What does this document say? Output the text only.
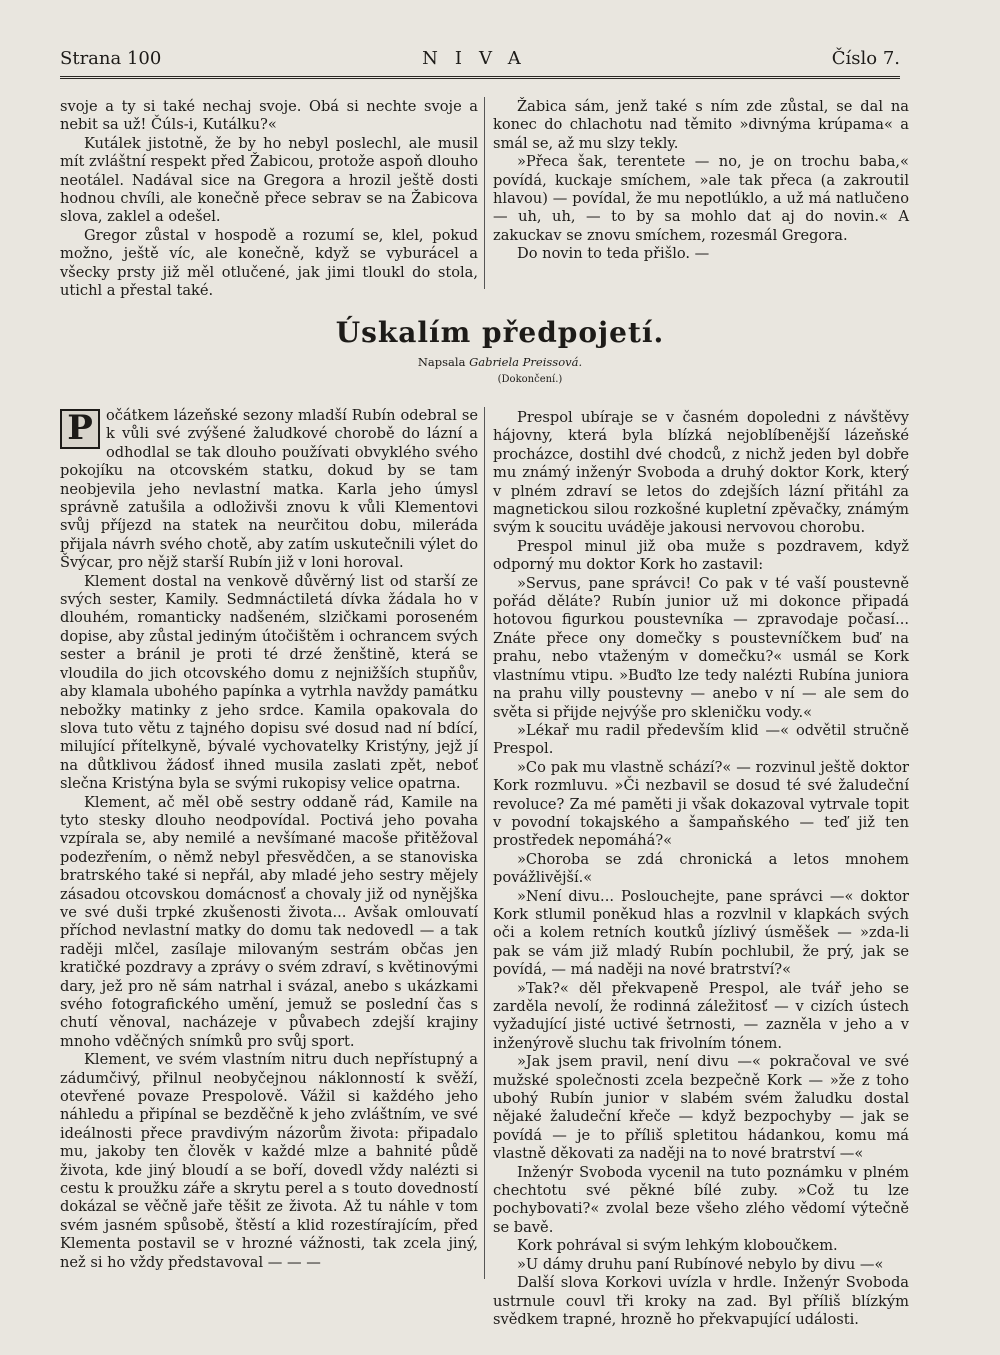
Strana 100	NIVA	Číslo 7.

svoje a ty si také nechaj svoje. Obá si nechte svoje a nebit sa už! Čúls-i, Kutálku?«

Kutálek jistotně, že by ho nebyl poslechl, ale musil mít zvláštní respekt před Žabicou, protože aspoň dlouho neotálel. Nadával sice na Gregora a hrozil ještě dosti hodnou chvíli, ale konečně přece sebrav se na Žabicova slova, zaklel a odešel.

Gregor zůstal v hospodě a rozumí se, klel, pokud možno, ještě víc, ale konečně, když se vyburácel a všecky prsty již měl otlučené, jak jimi tloukl do stola, utichl a přestal také.

Žabica sám, jenž také s ním zde zůstal, se dal na konec do chlachotu nad těmito »divnýma krúpama« a smál se, až mu slzy tekly.

»Přeca šak, terentete — no, je on trochu baba,« povídá, kuckaje smíchem, »ale tak přeca (a zakroutil hlavou) — povídal, že mu nepotlúklo, a už má natlučeno — uh, uh, — to by sa mohlo dat aj do novin.« A zakuckav se znovu smíchem, rozesmál Gregora.

Do novin to teda přišlo. —

Úskalím předpojetí.
Napsala Gabriela Preissová.
(Dokončení.)

P očátkem lázeňské sezony mladší Rubín odebral se k vůli své zvýšené žaludkové chorobě do lázní a odhodlal se tak dlouho používati obvyklého svého pokojíku na otcovském statku, dokud by se tam neobjevila jeho nevlastní matka. Karla jeho úmysl správně zatušila a odloživši znovu k vůli Klementovi svůj příjezd na statek na neurčitou dobu, mileráda přijala návrh svého chotě, aby zatím uskutečnili výlet do Švýcar, pro nějž starší Rubín již v loni horoval.

Klement dostal na venkově důvěrný list od starší ze svých sester, Kamily. Sedmnáctiletá dívka žádala ho v dlouhém, romanticky nadšeném, slzičkami poroseném dopise, aby zůstal jediným útočištěm i ochrancem svých sester a bránil je proti té drzé ženštině, která se vloudila do jich otcovského domu z nejnižších stupňův, aby klamala ubohého papínka a vytrhla navždy památku nebožky matinky z jeho srdce. Kamila opakovala do slova tuto větu z tajného dopisu své dosud nad ní bdící, milující přítelkyně, bývalé vychovatelky Kristýny, jejž jí na důtklivou žádosť ihned musila zaslati zpět, neboť slečna Kristýna byla se svými rukopisy velice opatrna.

Klement, ač měl obě sestry oddaně rád, Kamile na tyto stesky dlouho neodpovídal. Poctivá jeho povaha vzpírala se, aby nemilé a nevšímané macoše přitěžoval podezřením, o němž nebyl přesvědčen, a se stanoviska bratrského také si nepřál, aby mladé jeho sestry mějely zásadou otcovskou domácnosť a chovaly již od nynějška ve své duši trpké zkušenosti života... Avšak omlouvatí příchod nevlastní matky do domu tak nedovedl — a tak raději mlčel, zasílaje milovaným sestrám občas jen kratičké pozdravy a zprávy o svém zdraví, s květinovými dary, jež pro ně sám natrhal i svázal, anebo s ukázkami svého fotografického umění, jemuž se poslední čas s chutí věnoval, nacházeje v půvabech zdejší krajiny mnoho vděčných snímků pro svůj sport.

Klement, ve svém vlastním nitru duch nepřístupný a zádumčivý, přilnul neobyčejnou náklonností k svěží, otevřené povaze Prespolově. Vážil si každého jeho náhledu a připínal se bezděčně k jeho zvláštním, ve své ideálnosti přece pravdivým názorům života: připadalo mu, jakoby ten člověk v každé mlze a bahnité půdě života, kde jiný bloudí a se boří, dovedl vždy nalézti si cestu k proužku záře a skrytu perel a s touto dovedností dokázal se věčně jaře těšit ze života. Až tu náhle v tom svém jasném spůsobě, štěstí a klid rozestírajícím, před Klementa postavil se v hrozné vážnosti, tak zcela jiný, než si ho vždy představoval — — —

Prespol ubíraje se v časném dopoledni z návštěvy hájovny, která byla blízká nejoblíbenější lázeňské procházce, dostihl dvé chodců, z nichž jeden byl dobře mu známý inženýr Svoboda a druhý doktor Kork, který v plném zdraví se letos do zdejších lázní přitáhl za magnetickou silou rozkošné kupletní zpěvačky, známým svým k soucitu uváděje jakousi nervovou chorobu.

Prespol minul již oba muže s pozdravem, když odporný mu doktor Kork ho zastavil:

»Servus, pane správci! Co pak v té vaší poustevně pořád děláte? Rubín junior už mi dokonce připadá hotovou figurkou poustevníka — zpravodaje počasí... Znáte přece ony domečky s poustevníčkem buď na prahu, nebo vtaženým v domečku?« usmál se Kork vlastnímu vtipu. »Buďto lze tedy nalézti Rubína juniora na prahu villy poustevny — anebo v ní — ale sem do světa si přijde nejvýše pro skleničku vody.«

»Lékař mu radil především klid —« odvětil stručně Prespol.

»Co pak mu vlastně schází?« — rozvinul ještě doktor Kork rozmluvu. »Či nezbavil se dosud té své žaludeční revoluce? Za mé paměti ji však dokazoval vytrvale topit v povodní tokajského a šampaňského — teď již ten prostředek nepomáhá?«

»Choroba se zdá chronická a letos mnohem povážlivější.«

»Není divu... Poslouchejte, pane správci —« doktor Kork stlumil poněkud hlas a rozvlnil v klapkách svých oči a kolem retních koutků jízlivý úsměšek — »zda-li pak se vám již mladý Rubín pochlubil, že prý, jak se povídá, — má naději na nové bratrství?«

»Tak?« děl překvapeně Prespol, ale tvář jeho se zarděla nevolí, že rodinná záležitosť — v cizích ústech vyžadující jisté uctivé šetrnosti, — zazněla v jeho a v inženýrově sluchu tak frivolním tónem.

»Jak jsem pravil, není divu —« pokračoval ve své mužské společnosti zcela bezpečně Kork — »že z toho ubohý Rubín junior v slabém svém žaludku dostal nějaké žaludeční křeče — když bezpochyby — jak se povídá — je to příliš spletitou hádankou, komu má vlastně děkovati za naději na to nové bratrství —«

Inženýr Svoboda vycenil na tuto poznámku v plném chechtotu své pěkné bílé zuby. »Což tu lze pochybovati?« zvolal beze všeho zlého vědomí výtečně se bavě.

Kork pohrával si svým lehkým kloboučkem.

»U dámy druhu paní Rubínové nebylo by divu —«

Další slova Korkovi uvízla v hrdle. Inženýr Svoboda ustrnule couvl tři kroky na zad. Byl příliš blízkým svědkem trapné, hrozně ho překvapující události.
